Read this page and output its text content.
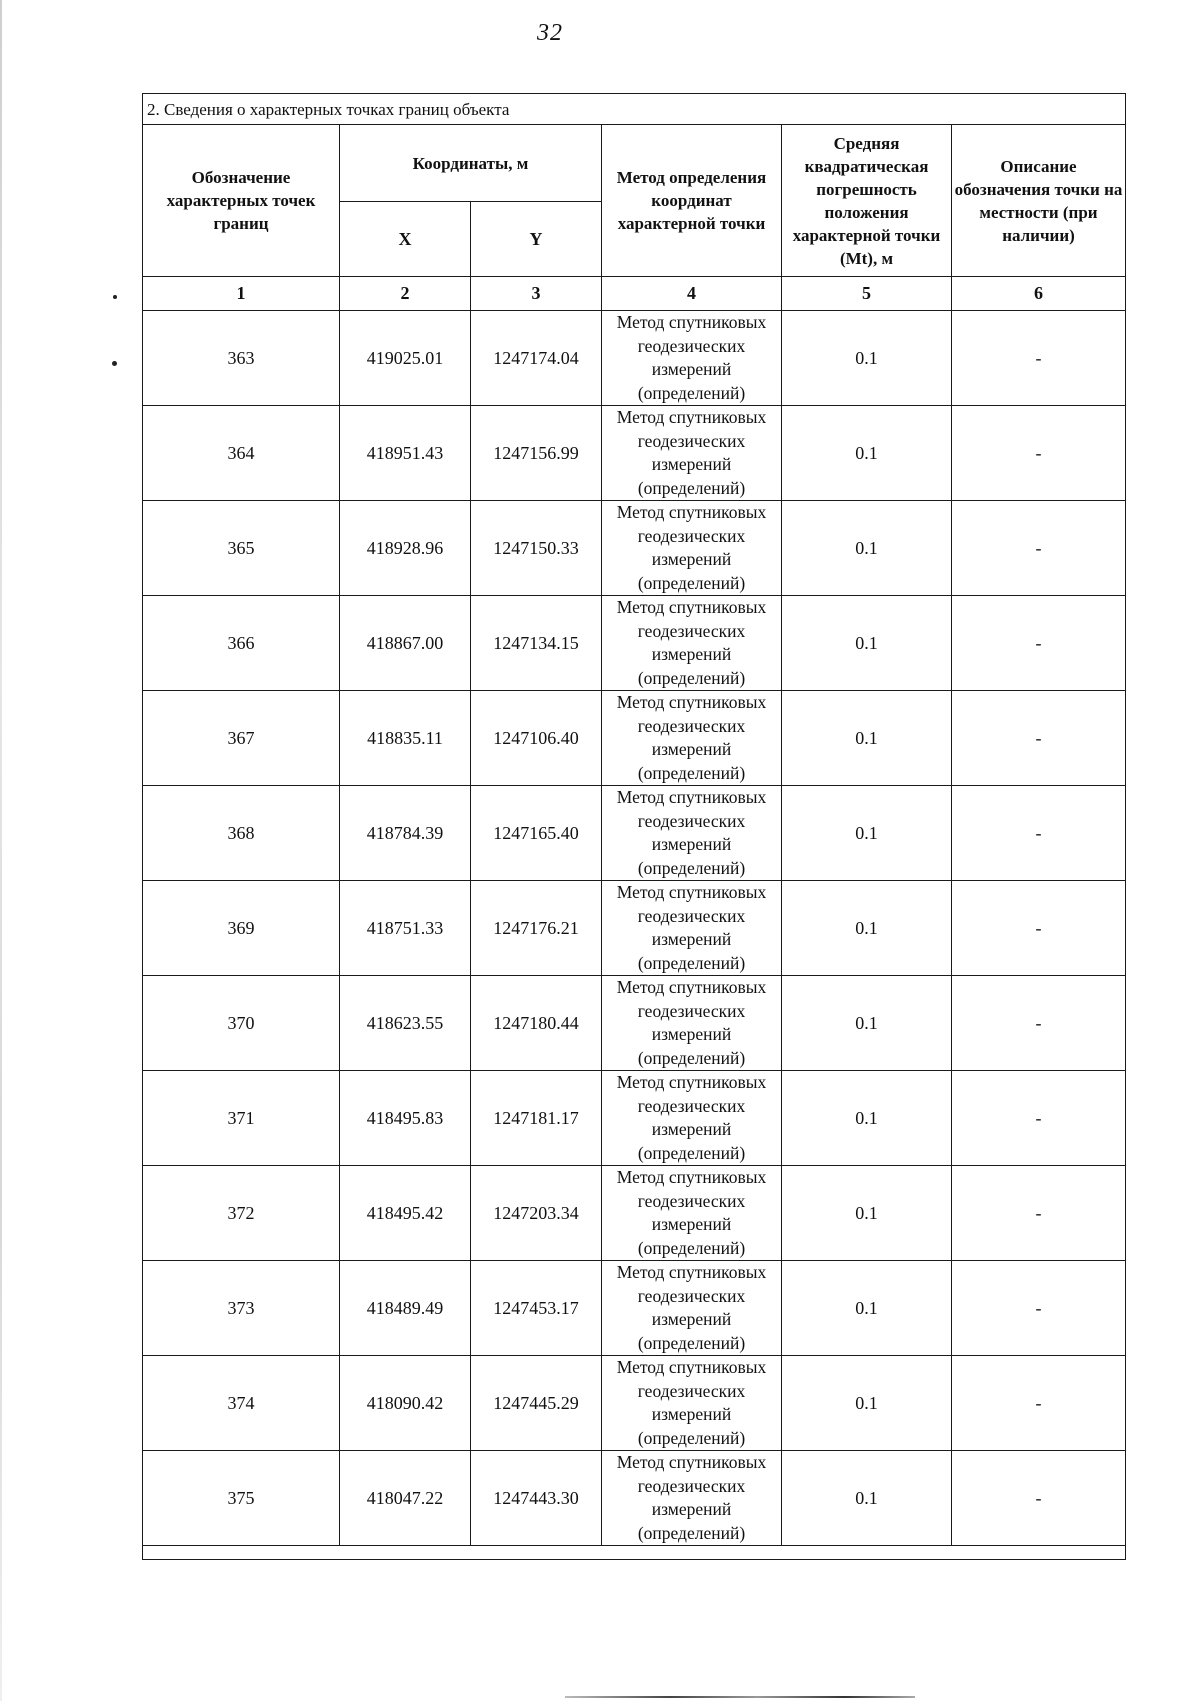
32
2. Сведения о характерных точках границ объекта					
Обозначение характерных точек границ	Координаты, м		Метод определения координат характерной точки	Средняя квадратическая погрешность положения характерной точки (Mt), м	Описание обозначения точки на местности (при наличии)
	X	Y			
1	2	3	4	5	6
363	419025.01	1247174.04	Метод спутниковых геодезических измерений (определений)	0.1	-
364	418951.43	1247156.99	Метод спутниковых геодезических измерений (определений)	0.1	-
365	418928.96	1247150.33	Метод спутниковых геодезических измерений (определений)	0.1	-
366	418867.00	1247134.15	Метод спутниковых геодезических измерений (определений)	0.1	-
367	418835.11	1247106.40	Метод спутниковых геодезических измерений (определений)	0.1	-
368	418784.39	1247165.40	Метод спутниковых геодезических измерений (определений)	0.1	-
369	418751.33	1247176.21	Метод спутниковых геодезических измерений (определений)	0.1	-
370	418623.55	1247180.44	Метод спутниковых геодезических измерений (определений)	0.1	-
371	418495.83	1247181.17	Метод спутниковых геодезических измерений (определений)	0.1	-
372	418495.42	1247203.34	Метод спутниковых геодезических измерений (определений)	0.1	-
373	418489.49	1247453.17	Метод спутниковых геодезических измерений (определений)	0.1	-
374	418090.42	1247445.29	Метод спутниковых геодезических измерений (определений)	0.1	-
375	418047.22	1247443.30	Метод спутниковых геодезических измерений (определений)	0.1	-
